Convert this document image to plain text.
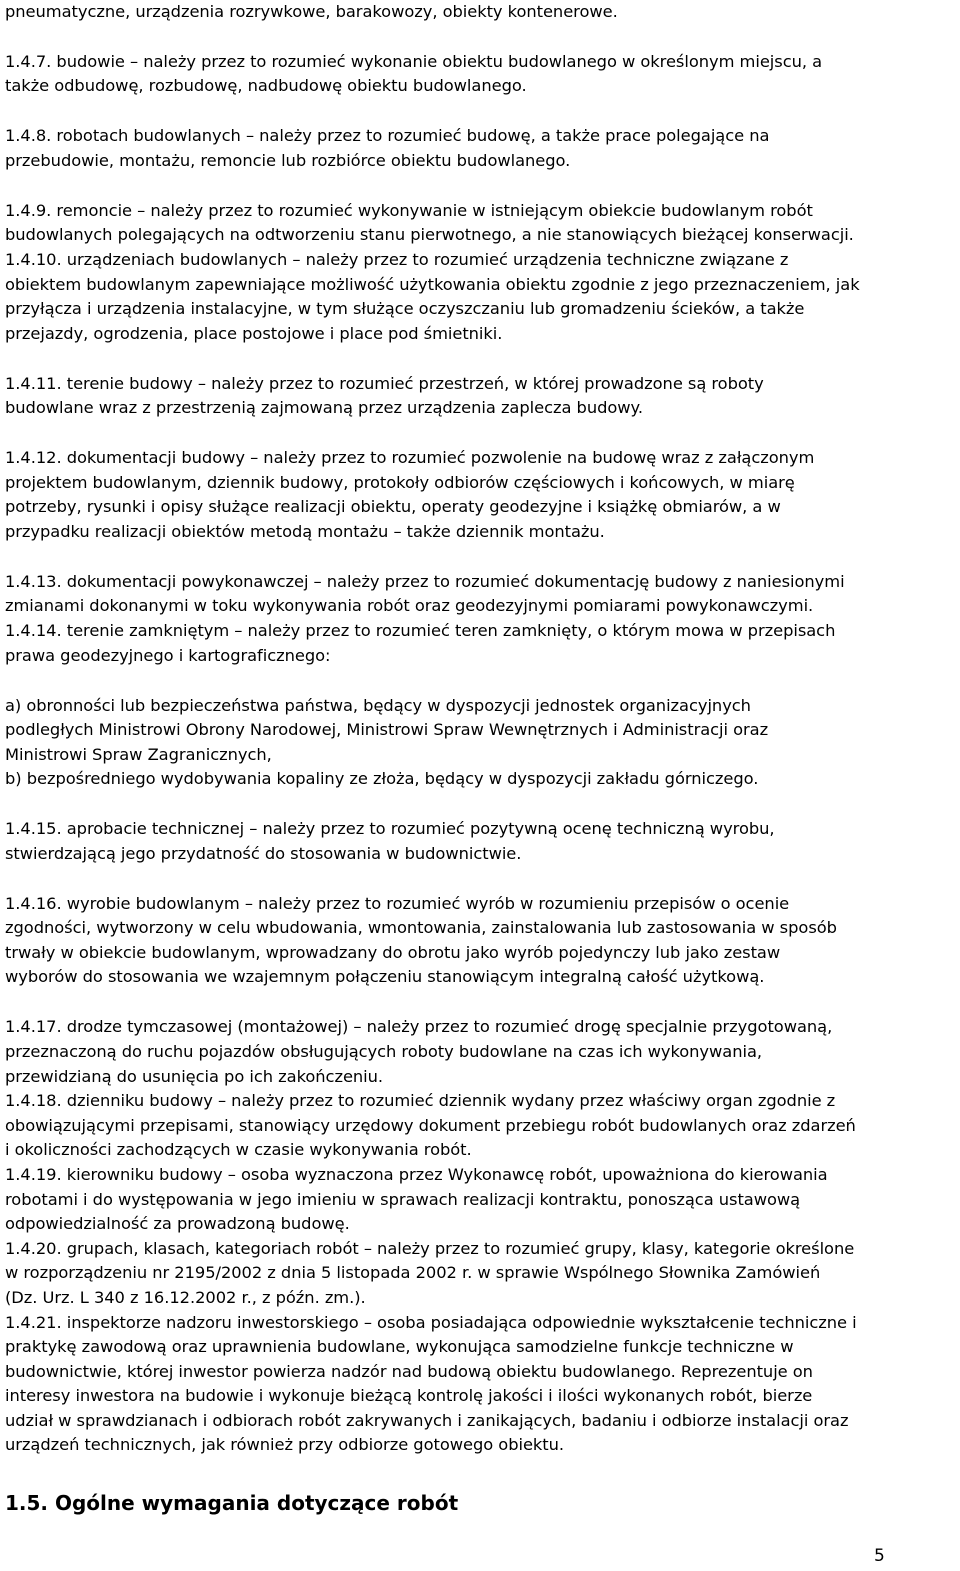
pneumatyczne, urządzenia rozrywkowe, barakowozy, obiekty kontenerowe.
1.4.7. budowie – należy przez to rozumieć wykonanie obiektu budowlanego w określonym miejscu, a
także odbudowę, rozbudowę, nadbudowę obiektu budowlanego.
1.4.8. robotach budowlanych – należy przez to rozumieć budowę, a także prace polegające na
przebudowie, montażu, remoncie lub rozbiórce obiektu budowlanego.
1.4.9. remoncie – należy przez to rozumieć wykonywanie w istniejącym obiekcie budowlanym robót
budowlanych polegających na odtworzeniu stanu pierwotnego, a nie stanowiących bieżącej konserwacji.
1.4.10. urządzeniach budowlanych – należy przez to rozumieć urządzenia techniczne związane z
obiektem budowlanym zapewniające możliwość użytkowania obiektu zgodnie z jego przeznaczeniem, jak
przyłącza i urządzenia instalacyjne, w tym służące oczyszczaniu lub gromadzeniu ścieków, a także
przejazdy, ogrodzenia, place postojowe i place pod śmietniki.
1.4.11. terenie budowy – należy przez to rozumieć przestrzeń, w której prowadzone są roboty
budowlane wraz z przestrzenią zajmowaną przez urządzenia zaplecza budowy.
1.4.12. dokumentacji budowy – należy przez to rozumieć pozwolenie na budowę wraz z załączonym
projektem budowlanym, dziennik budowy, protokoły odbiorów częściowych i końcowych, w miarę
potrzeby, rysunki i opisy służące realizacji obiektu, operaty geodezyjne i książkę obmiarów, a w
przypadku realizacji obiektów metodą montażu – także dziennik montażu.
1.4.13. dokumentacji powykonawczej – należy przez to rozumieć dokumentację budowy z naniesionymi
zmianami dokonanymi w toku wykonywania robót oraz geodezyjnymi pomiarami powykonawczymi.
1.4.14. terenie zamkniętym – należy przez to rozumieć teren zamknięty, o którym mowa w przepisach
prawa geodezyjnego i kartograficznego:
a) obronności lub bezpieczeństwa państwa, będący w dyspozycji jednostek organizacyjnych
podległych Ministrowi Obrony Narodowej, Ministrowi Spraw Wewnętrznych i Administracji oraz
Ministrowi Spraw Zagranicznych,
b) bezpośredniego wydobywania kopaliny ze złoża, będący w dyspozycji zakładu górniczego.
1.4.15. aprobacie technicznej – należy przez to rozumieć pozytywną ocenę techniczną wyrobu,
stwierdzającą jego przydatność do stosowania w budownictwie.
1.4.16. wyrobie budowlanym – należy przez to rozumieć wyrób w rozumieniu przepisów o ocenie
zgodności, wytworzony w celu wbudowania, wmontowania, zainstalowania lub zastosowania w sposób
trwały w obiekcie budowlanym, wprowadzany do obrotu jako wyrób pojedynczy lub jako zestaw
wyborów do stosowania we wzajemnym połączeniu stanowiącym integralną całość użytkową.
1.4.17. drodze tymczasowej (montażowej) – należy przez to rozumieć drogę specjalnie przygotowaną,
przeznaczoną do ruchu pojazdów obsługujących roboty budowlane na czas ich wykonywania,
przewidzianą do usunięcia po ich zakończeniu.
1.4.18. dzienniku budowy – należy przez to rozumieć dziennik wydany przez właściwy organ zgodnie z
obowiązującymi przepisami, stanowiący urzędowy dokument przebiegu robót budowlanych oraz zdarzeń
i okoliczności zachodzących w czasie wykonywania robót.
1.4.19. kierowniku budowy – osoba wyznaczona przez Wykonawcę robót, upoważniona do kierowania
robotami i do występowania w jego imieniu w sprawach realizacji kontraktu, ponosząca ustawową
odpowiedzialność za prowadzoną budowę.
1.4.20. grupach, klasach, kategoriach robót – należy przez to rozumieć grupy, klasy, kategorie określone
w rozporządzeniu nr 2195/2002 z dnia 5 listopada 2002 r. w sprawie Wspólnego Słownika Zamówień
(Dz. Urz. L 340 z 16.12.2002 r., z późn. zm.).
1.4.21. inspektorze nadzoru inwestorskiego – osoba posiadająca odpowiednie wykształcenie techniczne i
praktykę zawodową oraz uprawnienia budowlane, wykonująca samodzielne funkcje techniczne w
budownictwie, której inwestor powierza nadzór nad budową obiektu budowlanego. Reprezentuje on
interesy inwestora na budowie i wykonuje bieżącą kontrolę jakości i ilości wykonanych robót, bierze
udział w sprawdzianach i odbiorach robót zakrywanych i zanikających, badaniu i odbiorze instalacji oraz
urządzeń technicznych, jak również przy odbiorze gotowego obiektu.
1.5. Ogólne wymagania dotyczące robót
5
